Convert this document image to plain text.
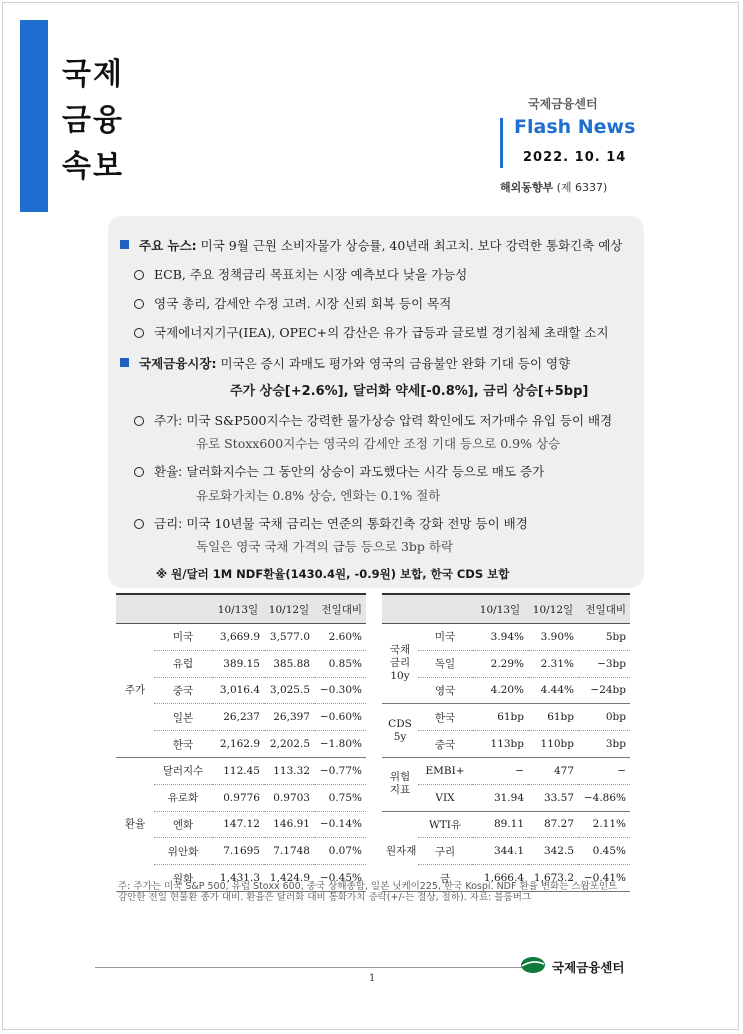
국제
금융
속보
국제금융센터
Flash News
2022. 10. 14
해외동향부 (제 6337)
주요 뉴스: 미국 9월 근원 소비자물가 상승률, 40년래 최고치. 보다 강력한 통화긴축 예상
ECB, 주요 정책금리 목표치는 시장 예측보다 낮을 가능성
영국 총리, 감세안 수정 고려. 시장 신뢰 회복 등이 목적
국제에너지기구(IEA), OPEC+의 감산은 유가 급등과 글로벌 경기침체 초래할 소지
국제금융시장: 미국은 증시 과매도 평가와 영국의 금융불안 완화 기대 등이 영향
주가 상승[+2.6%], 달러화 약세[-0.8%], 금리 상승[+5bp]
주가: 미국 S&P500지수는 강력한 물가상승 압력 확인에도 저가매수 유입 등이 배경
유로 Stoxx600지수는 영국의 감세안 조정 기대 등으로 0.9% 상승
환율: 달러화지수는 그 동안의 상승이 과도했다는 시각 등으로 매도 증가
유로화가치는 0.8% 상승, 엔화는 0.1% 절하
금리: 미국 10년물 국채 금리는 연준의 통화긴축 강화 전망 등이 배경
독일은 영국 국채 가격의 급등 등으로 3bp 하락
※ 원/달러 1M NDF환율(1430.4원, -0.9원) 보합, 한국 CDS 보합
		10/13일	10/12일	전일대비
주가	미국	3,669.9	3,577.0	2.60%
	유럽	389.15	385.88	0.85%
	중국	3,016.4	3,025.5	−0.30%
	일본	26,237	26,397	−0.60%
	한국	2,162.9	2,202.5	−1.80%
환율	달러지수	112.45	113.32	−0.77%
	유로화	0.9776	0.9703	0.75%
	엔화	147.12	146.91	−0.14%
	위안화	7.1695	7.1748	0.07%
	원화	1,431.3	1,424.9	−0.45%
		10/13일	10/12일	전일대비
국채
금리
10y	미국	3.94%	3.90%	5bp
	독일	2.29%	2.31%	−3bp
	영국	4.20%	4.44%	−24bp
CDS
5y	한국	61bp	61bp	0bp
	중국	113bp	110bp	3bp
위험
지표	EMBI+	−	477	−
	VIX	31.94	33.57	−4.86%
원자재	WTI유	89.11	87.27	2.11%
	구리	344.1	342.5	0.45%
	금	1,666.4	1,673.2	−0.41%
주: 주가는 미국 S&P 500, 유럽 Stoxx 600, 중국 상해종합, 일본 닛케이225, 한국 Kospi. NDF 환율 변화는 스왑포인트
감안한 전일 현물환 종가 대비. 환율은 달러화 대비 통화가치 증락(+/-는 절상, 절하). 자료: 블룸버그
1
국제금융센터
